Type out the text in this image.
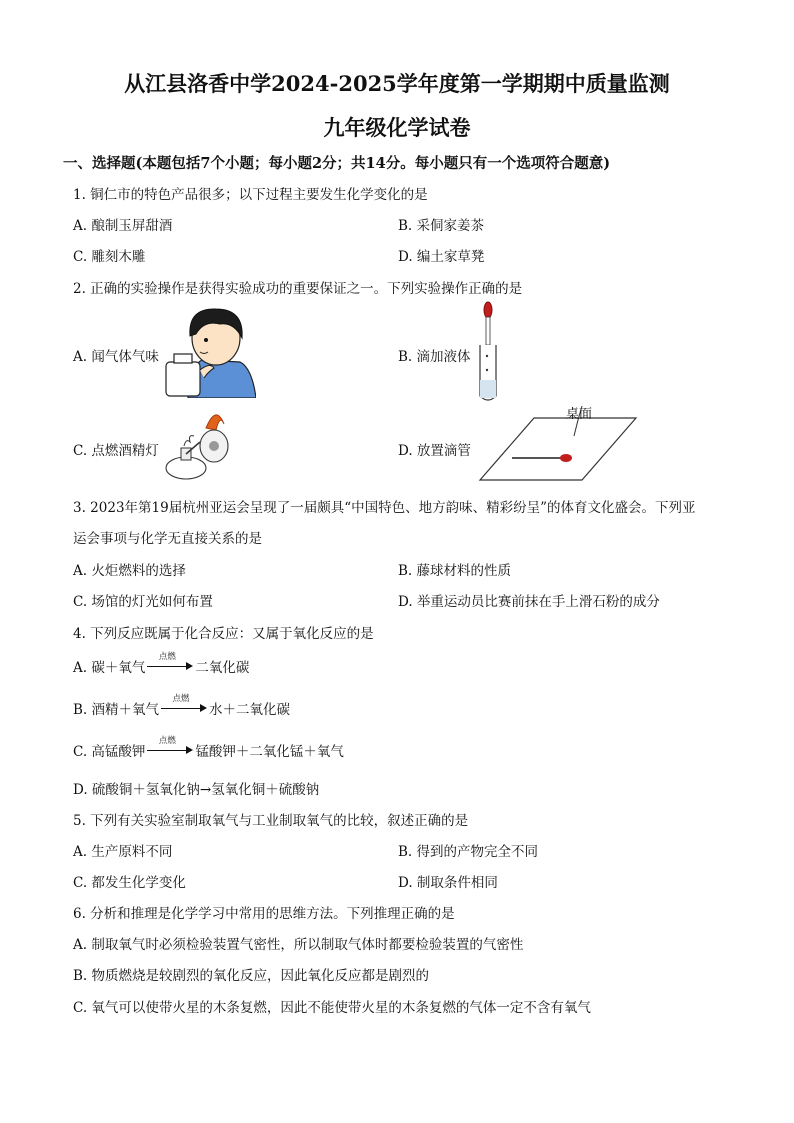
从江县洛香中学2024-2025学年度第一学期期中质量监测
九年级化学试卷
一、选择题(本题包括7个小题；每小题2分；共14分。每小题只有一个选项符合题意)
1. 铜仁市的特色产品很多；以下过程主要发生化学变化的是
A. 酿制玉屏甜酒	B. 采侗家姜茶
C. 雕刻木雕	D. 编土家草凳
2. 正确的实验操作是获得实验成功的重要保证之一。下列实验操作正确的是
A. 闻气体气味	B. 滴加液体
C. 点燃酒精灯	D. 放置滴管
桌面
3. 2023年第19届杭州亚运会呈现了一届颇具“中国特色、地方韵味、精彩纷呈”的体育文化盛会。下列亚
运会事项与化学无直接关系的是
A. 火炬燃料的选择	B. 藤球材料的性质
C. 场馆的灯光如何布置	D. 举重运动员比赛前抹在手上滑石粉的成分
4. 下列反应既属于化合反应：又属于氧化反应的是
A. 碳＋氧气
点燃
二氧化碳
B. 酒精＋氧气
点燃
水＋二氧化碳
C. 高锰酸钾
点燃
锰酸钾＋二氧化锰＋氧气
D. 硫酸铜＋氢氧化钠→氢氧化铜＋硫酸钠
5. 下列有关实验室制取氧气与工业制取氧气的比较，叙述正确的是
A. 生产原料不同	B. 得到的产物完全不同
C. 都发生化学变化	D. 制取条件相同
6. 分析和推理是化学学习中常用的思维方法。下列推理正确的是
A. 制取氧气时必须检验装置气密性，所以制取气体时都要检验装置的气密性
B. 物质燃烧是较剧烈的氧化反应，因此氧化反应都是剧烈的
C. 氧气可以使带火星的木条复燃，因此不能使带火星的木条复燃的气体一定不含有氧气
